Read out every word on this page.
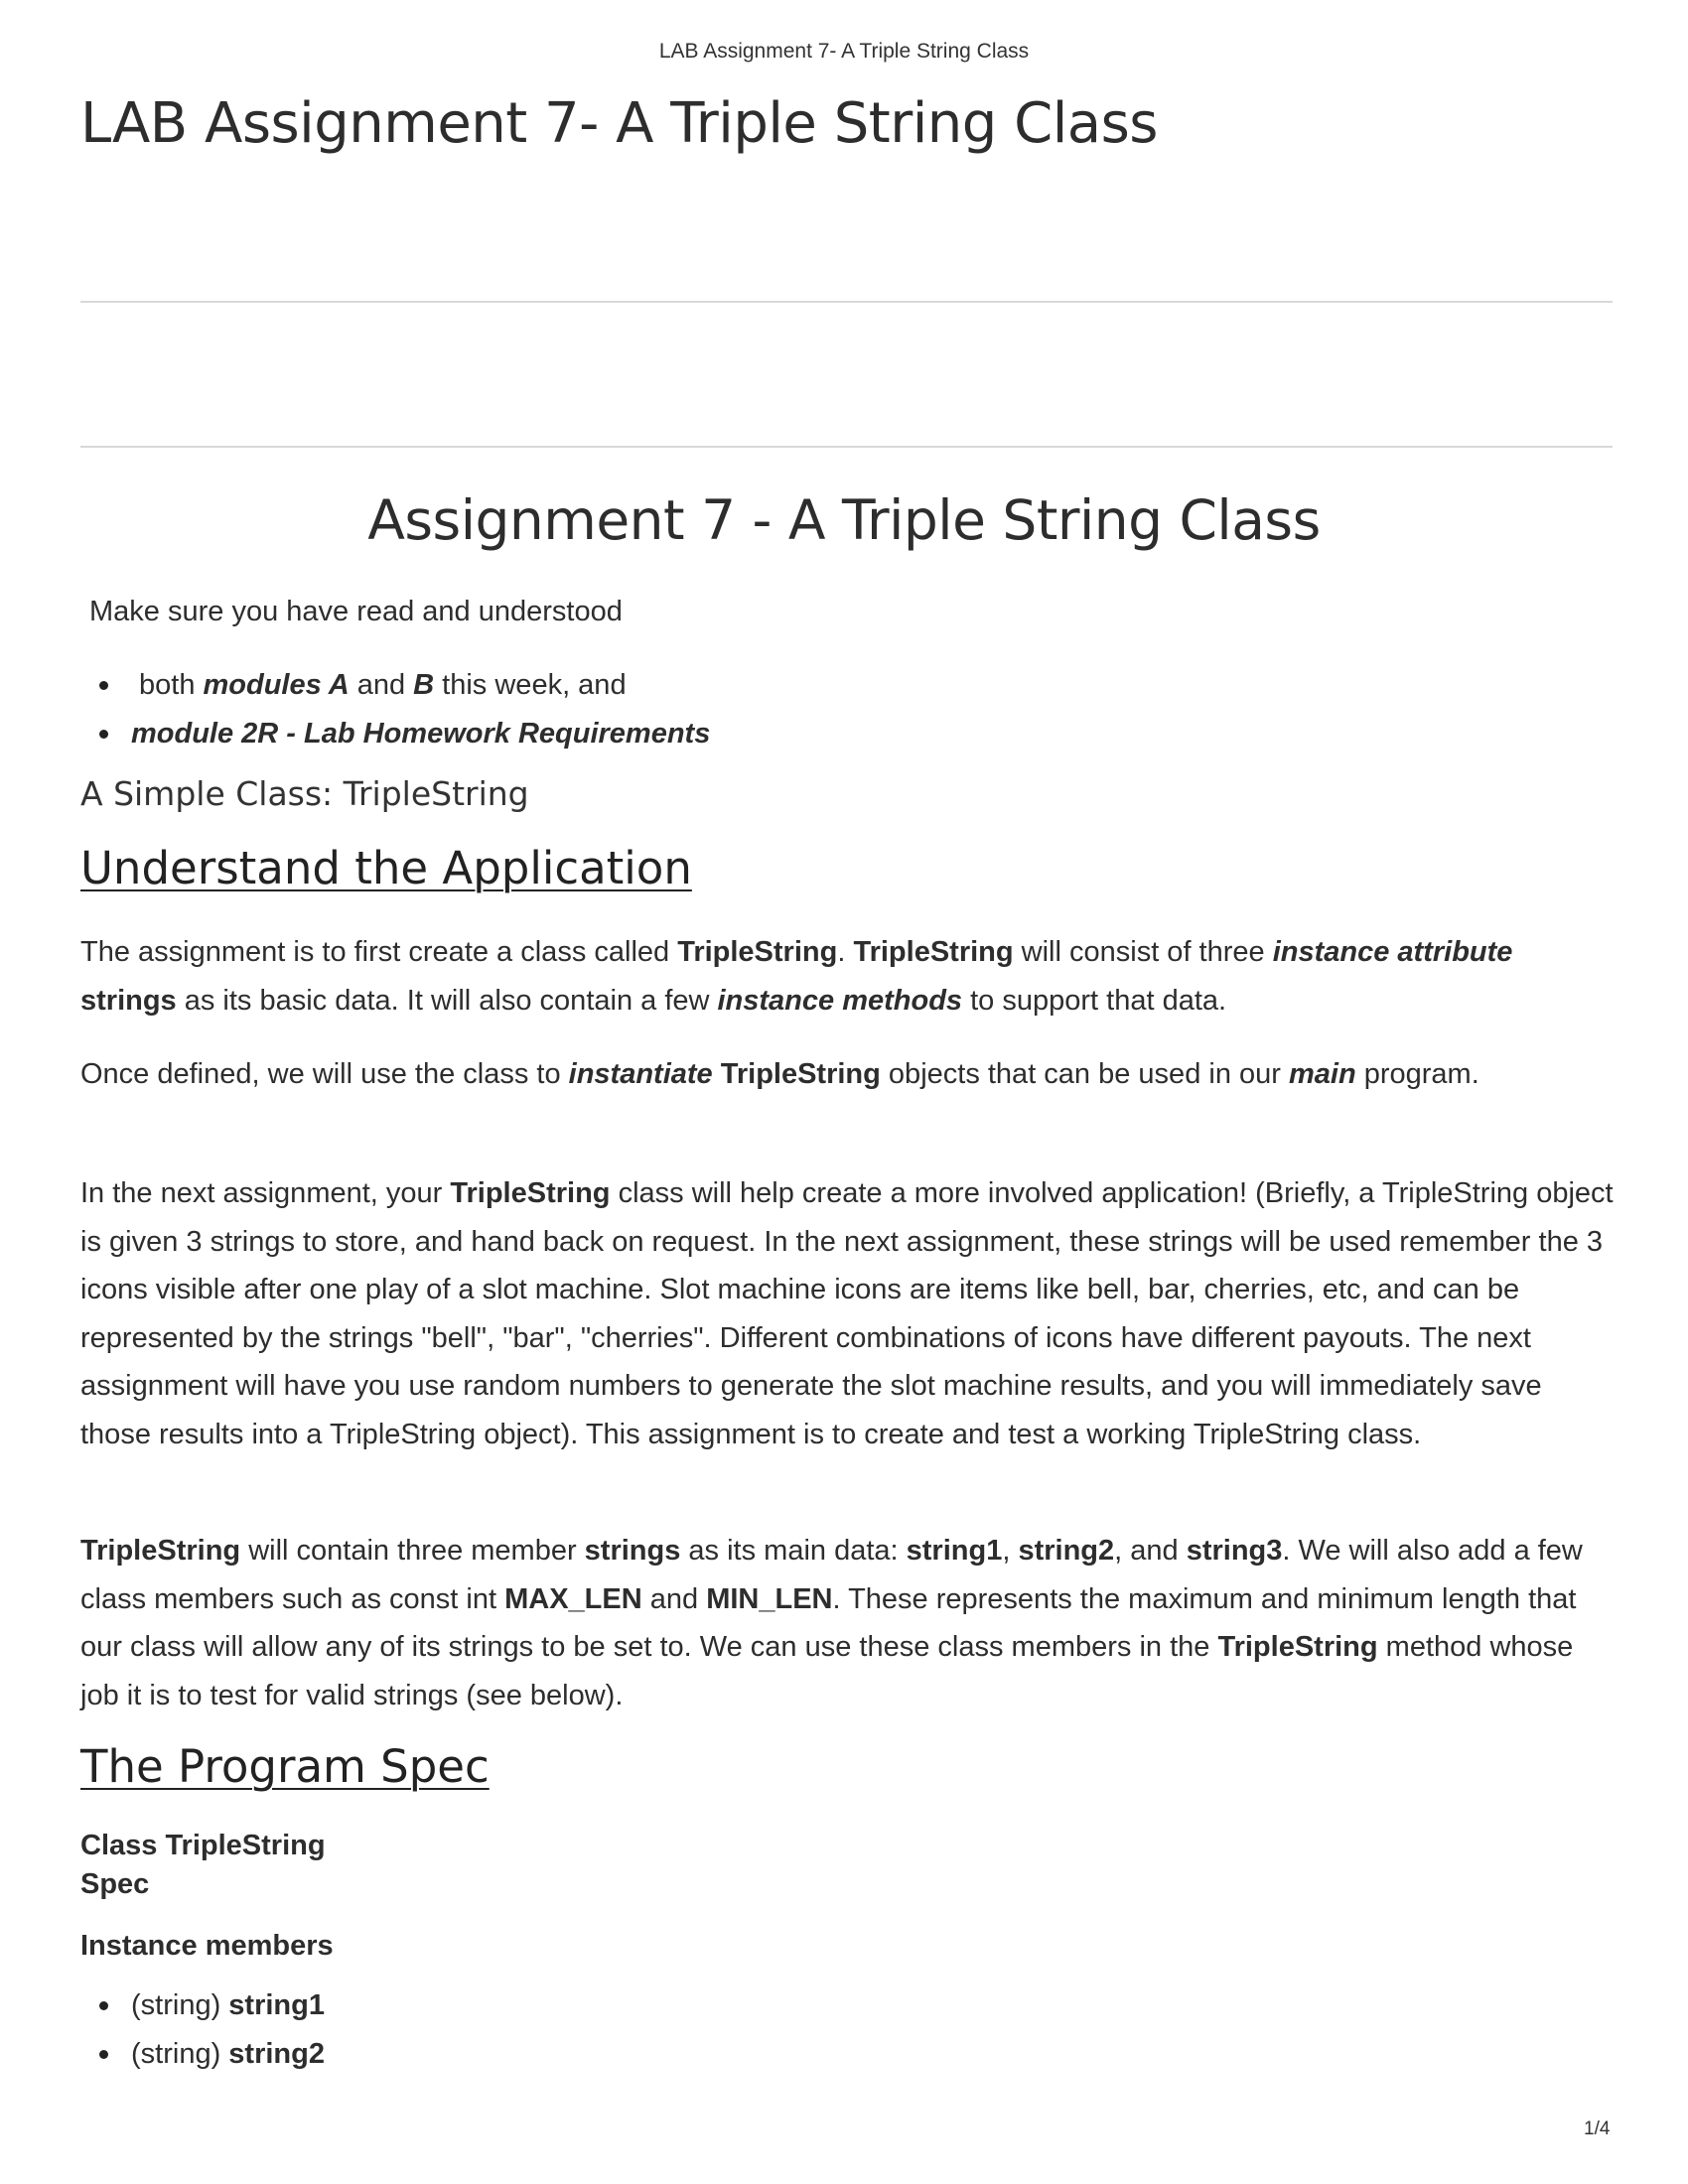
LAB Assignment 7- A Triple String Class
LAB Assignment 7- A Triple String Class
Assignment 7 - A Triple String Class

Make sure you have read and understood

both modules A and B this week, and
module 2R - Lab Homework Requirements

A Simple Class: TripleString

Understand the Application

The assignment is to first create a class called TripleString. TripleString will consist of three instance attribute strings as its basic data. It will also contain a few instance methods to support that data.

Once defined, we will use the class to instantiate TripleString objects that can be used in our main program.

In the next assignment, your TripleString class will help create a more involved application! (Briefly, a TripleString object is given 3 strings to store, and hand back on request. In the next assignment, these strings will be used remember the 3 icons visible after one play of a slot machine. Slot machine icons are items like bell, bar, cherries, etc, and can be represented by the strings "bell", "bar", "cherries". Different combinations of icons have different payouts. The next assignment will have you use random numbers to generate the slot machine results, and you will immediately save those results into a TripleString object). This assignment is to create and test a working TripleString class.

TripleString will contain three member strings as its main data: string1, string2, and string3. We will also add a few class members such as const int MAX_LEN and MIN_LEN. These represents the maximum and minimum length that our class will allow any of its strings to be set to. We can use these class members in the TripleString method whose job it is to test for valid strings (see below).

The Program Spec

Class TripleString
Spec

Instance members

(string) string1
(string) string2
1/4
